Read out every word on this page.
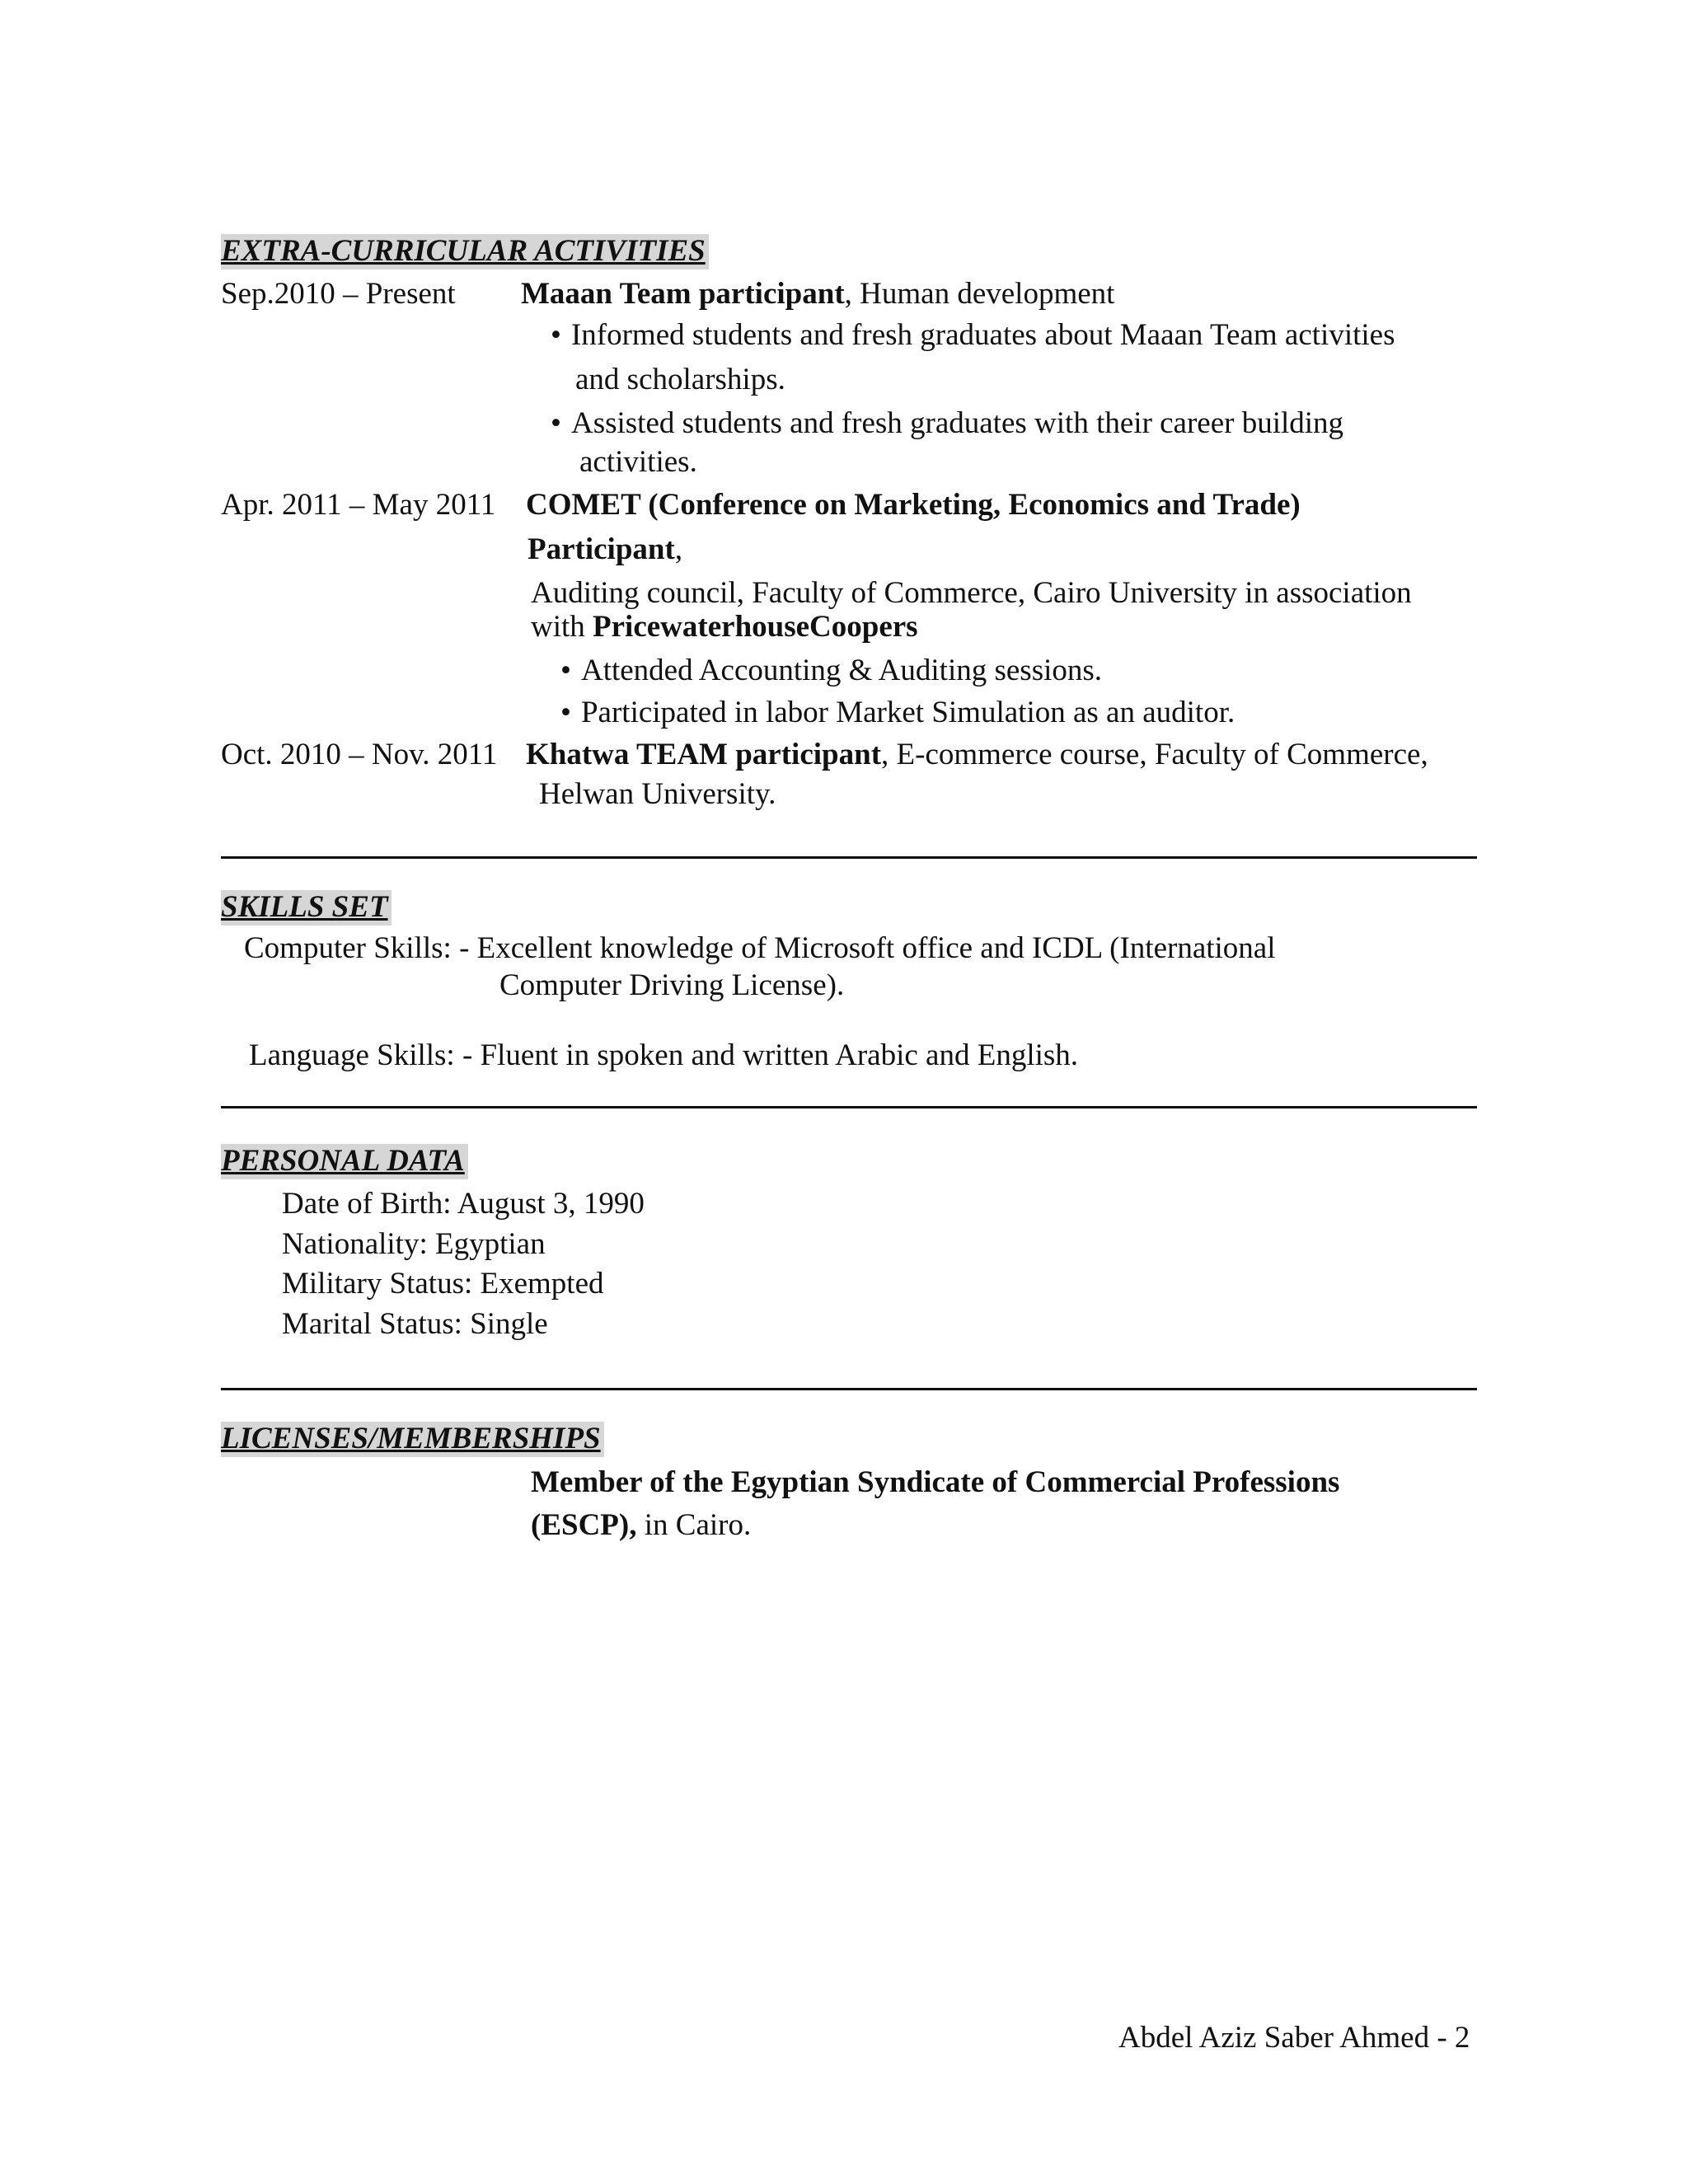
EXTRA-CURRICULAR ACTIVITIES
Sep.2010 – Present Maaan Team participant, Human development
• Informed students and fresh graduates about Maaan Team activities
and scholarships.
• Assisted students and fresh graduates with their career building
activities.
Apr. 2011 – May 2011 COMET (Conference on Marketing, Economics and Trade)
Participant,
Auditing council, Faculty of Commerce, Cairo University in association
with PricewaterhouseCoopers
• Attended Accounting & Auditing sessions.
• Participated in labor Market Simulation as an auditor.
Oct. 2010 – Nov. 2011 Khatwa TEAM participant, E-commerce course, Faculty of Commerce,
Helwan University.
SKILLS SET
Computer Skills: - Excellent knowledge of Microsoft office and ICDL (International
Computer Driving License).
Language Skills: - Fluent in spoken and written Arabic and English.
PERSONAL DATA
Date of Birth: August 3, 1990
Nationality: Egyptian
Military Status: Exempted
Marital Status: Single
LICENSES/MEMBERSHIPS
Member of the Egyptian Syndicate of Commercial Professions
(ESCP), in Cairo.
Abdel Aziz Saber Ahmed - 2
